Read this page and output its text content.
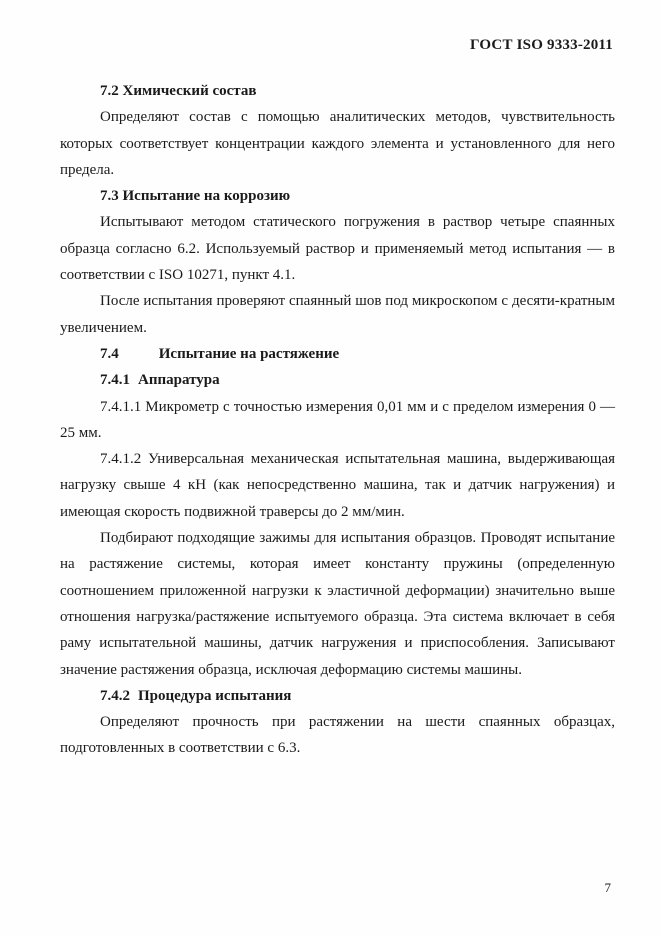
ГОСТ ISO 9333-2011

7.2 Химический состав

Определяют состав с помощью аналитических методов, чувствительность которых соответствует концентрации каждого элемента и установленного для него предела.

7.3 Испытание на коррозию

Испытывают методом статического погружения в раствор четыре спаянных образца согласно 6.2. Используемый раствор и применяемый метод испытания — в соответствии с ISO 10271, пункт 4.1.

После испытания проверяют спаянный шов под микроскопом с десяти-кратным увеличением.

7.4	Испытание на растяжение

7.4.1 Аппаратура

7.4.1.1 Микрометр с точностью измерения 0,01 мм и с пределом измерения 0 — 25 мм.

7.4.1.2 Универсальная механическая испытательная машина, выдерживающая нагрузку свыше 4 кН (как непосредственно машина, так и датчик нагружения) и имеющая скорость подвижной траверсы до 2 мм/мин.

Подбирают подходящие зажимы для испытания образцов. Проводят испытание на растяжение системы, которая имеет константу пружины (определенную соотношением приложенной нагрузки к эластичной деформации) значительно выше отношения нагрузка/растяжение испытуемого образца. Эта система включает в себя раму испытательной машины, датчик нагружения и приспособления. Записывают значение растяжения образца, исключая деформацию системы машины.

7.4.2 Процедура испытания

Определяют прочность при растяжении на шести спаянных образцах, подготовленных в соответствии с 6.3.

7
